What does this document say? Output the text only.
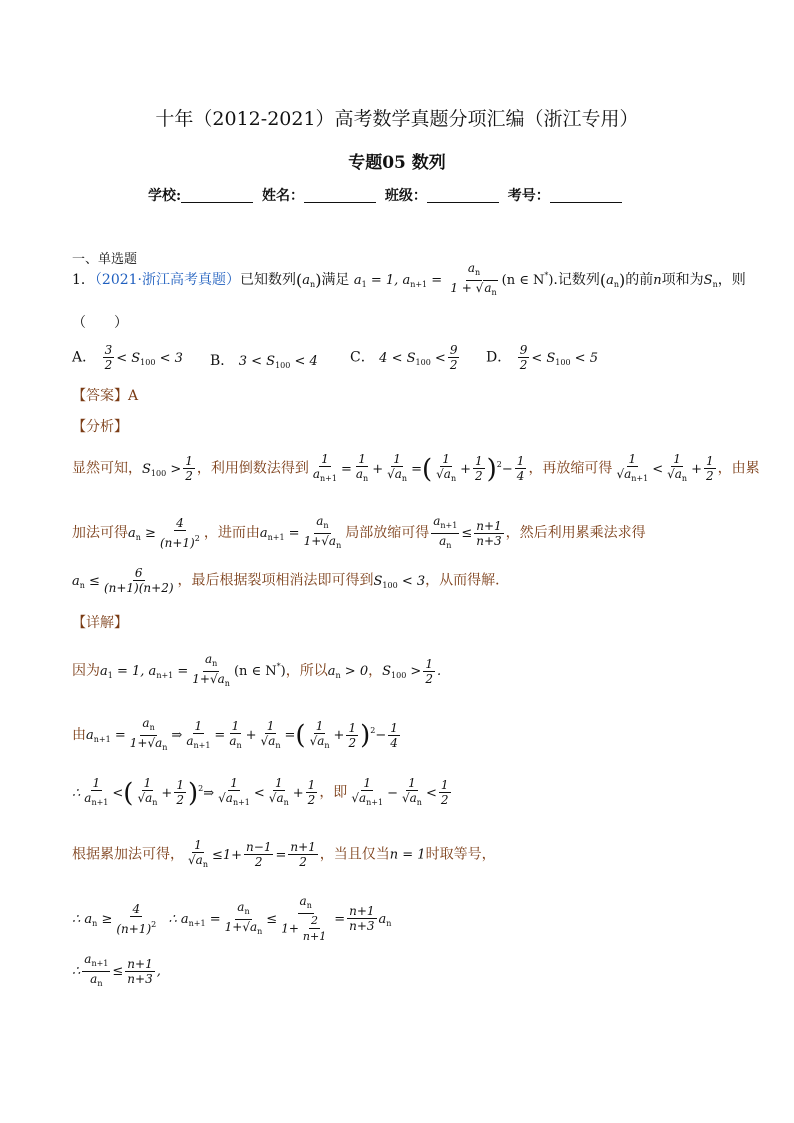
十年（2012-2021）高考数学真题分项汇编（浙江专用）
专题05 数列
学校:	姓名：	班级：	考号：
一、单选题
1．（2021·浙江高考真题）已知数列$(a_n)$满足 $a_1 = 1$, $a_{n+1} = \frac{a_n}{1 + √a_n} (n$ ∈ N*).记数列$(a_n)$的前n项和为$S_n$，则
（　　）
A． $\frac{3}{2} < S_{100} < 3$ B． $3 < S_{100} < 4$ C． $4 < S_{100} < \frac{9}{2}$ D． $\frac{9}{2} < S_{100} < 5$
【答案】A
【分析】
显然可知，$S_{100} > \frac{1}{2}$ ，利用倒数法得到 $\frac{1}{a_{n+1}} = \frac{1}{a_n} + \frac{1}{√a_n}$ =( $\frac{1}{√a_n} + \frac{1}{2} )^2- \frac{1}{4}$ ，再放缩可得 $\frac{1}{√a_{n+1}} < \frac{1}{√a_n} + \frac{1}{2}$ ，由累
加法可得$a_n \ge \frac{4}{(n+1)^2}$ ，进而由$a_{n+1} = \frac{a_n}{1+√a_n}$ 局部放缩可得 $\frac{a_{n+1}}{a_n} \le \frac{n+1}{n+3}$ ，然后利用累乘法求得
$a_n \le \frac{6}{(n+1)(n+2)}$ ，最后根据裂项相消法即可得到$S_{100} < 3$，从而得解．
【详解】
因为$a_1 = 1$, $a_{n+1} = \frac{a_n}{1+√a_n} (n$ ∈ N*)，所以$a_n > 0$，$S_{100} > \frac{1}{2}$ .
由$a_{n+1} = \frac{a_n}{1+√a_n}$ ⇒ $\frac{1}{a_{n+1}} = \frac{1}{a_n} + \frac{1}{√a_n}$ =( $\frac{1}{√a_n} + \frac{1}{2} )^2- \frac{1}{4}$
∴ $\frac{1}{a_{n+1}}$ <( $\frac{1}{√a_n} + \frac{1}{2}$ )$^2$⇒ $\frac{1}{√a_{n+1}} < \frac{1}{√a_n} + \frac{1}{2}$ ，即 $\frac{1}{√a_{n+1}} - \frac{1}{√a_n} < \frac{1}{2}$
根据累加法可得， $\frac{1}{√a_n} \le 1+ \frac{n-1}{2} = \frac{n+1}{2}$ ，当且仅当n = 1时取等号，
∴ $a_n \ge \frac{4}{(n+1)^2}$ ∴ $a_{n+1} = \frac{a_n}{1+√a_n} \le \frac{a_n}{1+ \frac{2}{n+1}} = \frac{n+1}{n+3} a_n$
∴ $\frac{a_{n+1}}{a_n} \le \frac{n+1}{n+3}$ ,
